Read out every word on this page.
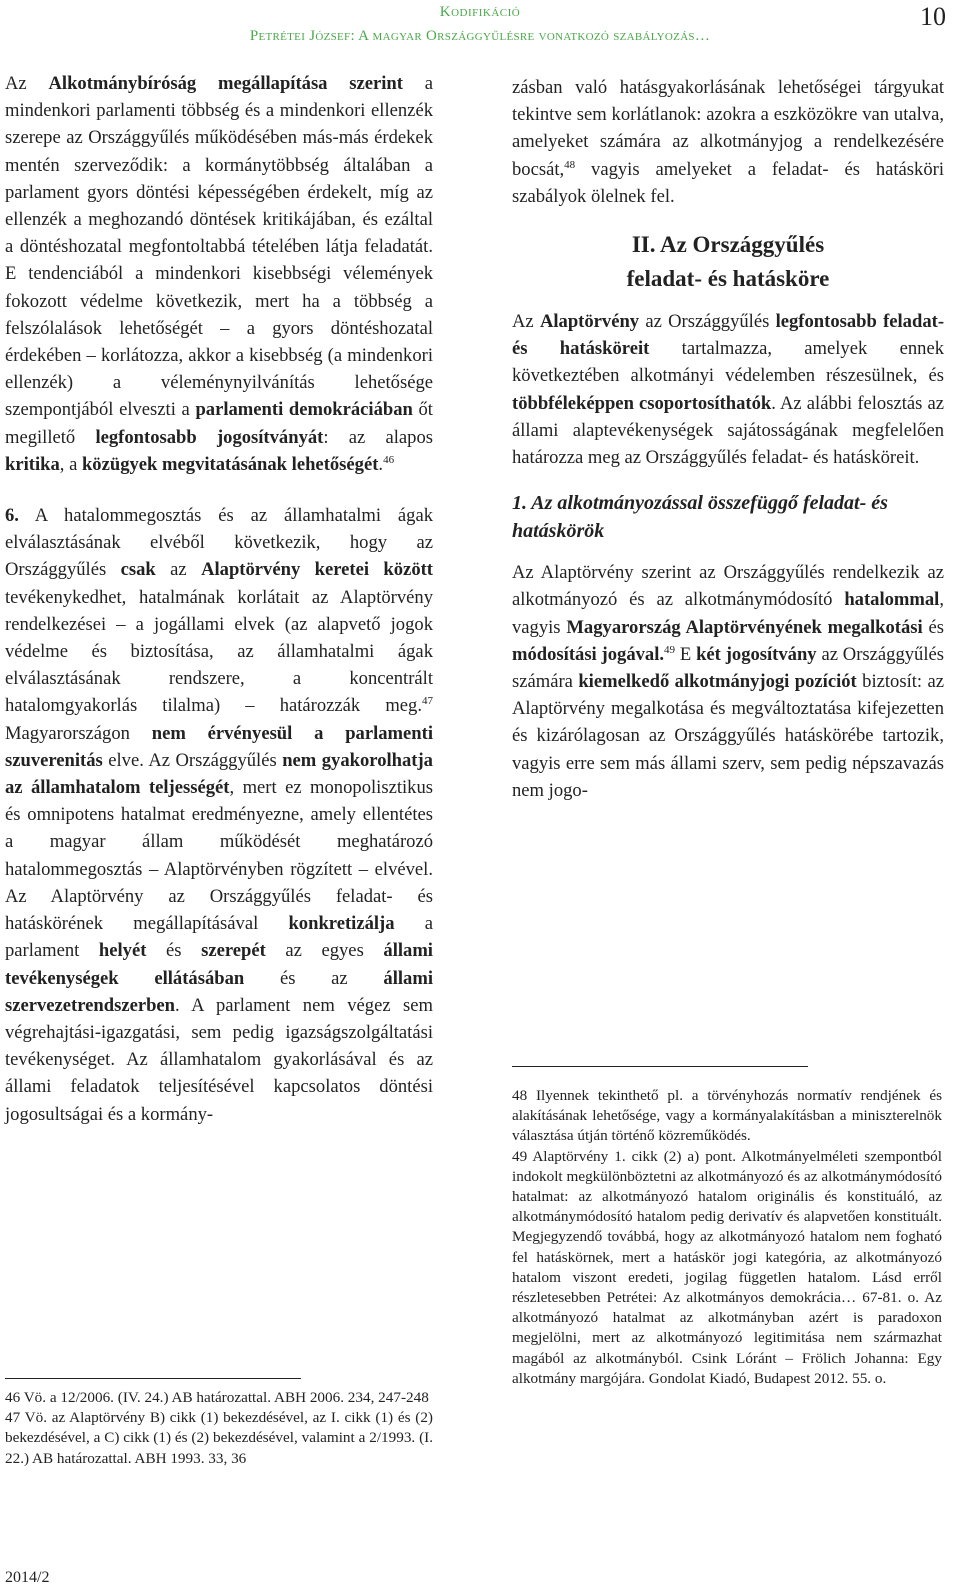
Kodifikáció
Petrétei József: A magyar Országgyűlésre vonatkozó szabályozás…
10

Az Alkotmánybíróság megállapítása szerint a mindenkori parlamenti többség és a mindenkori ellenzék szerepe az Országgyűlés működésében más-más érdekek mentén szerveződik: a kormánytöbbség általában a parlament gyors döntési képességében érdekelt, míg az ellenzék a meghozandó döntések kritikájában, és ezáltal a döntéshozatal megfontoltabbá tételében látja feladatát. E tendenciából a mindenkori kisebbségi vélemények fokozott védelme következik, mert ha a többség a felszólalások lehetőségét – a gyors döntéshozatal érdekében – korlátozza, akkor a kisebbség (a mindenkori ellenzék) a véleménynyilvánítás lehetősége szempontjából elveszti a parlamenti demokráciában őt megillető legfontosabb jogosítványát: az alapos kritika, a közügyek megvitatásának lehetőségét.$^{46}$

6. A hatalommegosztás és az államhatalmi ágak elválasztásának elvéből következik, hogy az Országgyűlés csak az Alaptörvény keretei között tevékenykedhet, hatalmának korlátait az Alaptörvény rendelkezései – a jogállami elvek (az alapvető jogok védelme és biztosítása, az államhatalmi ágak elválasztásának rendszere, a koncentrált hatalomgyakorlás tilalma) – határozzák meg.$^{47}$ Magyarországon nem érvényesül a parlamenti szuverenitás elve. Az Országgyűlés nem gyakorolhatja az államhatalom teljességét, mert ez monopolisztikus és omnipotens hatalmat eredményezne, amely ellentétes a magyar állam működését meghatározó hatalommegosztás – Alaptörvényben rögzített – elvével. Az Alaptörvény az Országgyűlés feladat- és hatáskörének megállapításával konkretizálja a parlament helyét és szerepét az egyes állami tevékenységek ellátásában és az állami szervezetrendszerben. A parlament nem végez sem végrehajtási-igazgatási, sem pedig igazságszolgáltatási tevékenységet. Az államhatalom gyakorlásával és az állami feladatok teljesítésével kapcsolatos döntési jogosultságai és a kormány-

zásban való hatásgyakorlásának lehetőségei tárgyukat tekintve sem korlátlanok: azokra a eszközökre van utalva, amelyeket számára az alkotmányjog a rendelkezésére bocsát,$^{48}$ vagyis amelyeket a feladat- és hatásköri szabályok ölelnek fel.

II. Az Országgyűlés
feladat- és hatásköre

Az Alaptörvény az Országgyűlés legfontosabb feladat- és hatásköreit tartalmazza, amelyek ennek következtében alkotmányi védelemben részesülnek, és többféleképpen csoportosíthatók. Az alábbi felosztás az állami alaptevékenységek sajátosságának megfelelően határozza meg az Országgyűlés feladat- és hatásköreit.

1. Az alkotmányozással összefüggő feladat- és hatáskörök

Az Alaptörvény szerint az Országgyűlés rendelkezik az alkotmányozó és az alkotmánymódosító hatalommal, vagyis Magyarország Alaptörvényének megalkotási és módosítási jogával.$^{49}$ E két jogosítvány az Országgyűlés számára kiemelkedő alkotmányjogi pozíciót biztosít: az Alaptörvény megalkotása és megváltoztatása kifejezetten és kizárólagosan az Országgyűlés hatáskörébe tartozik, vagyis erre sem más állami szerv, sem pedig népszavazás nem jogo-

46 Vö. a 12/2006. (IV. 24.) AB határozattal. ABH 2006. 234, 247-248

47 Vö. az Alaptörvény B) cikk (1) bekezdésével, az I. cikk (1) és (2) bekezdésével, a C) cikk (1) és (2) bekezdésével, valamint a 2/1993. (I. 22.) AB határozattal. ABH 1993. 33, 36

48 Ilyennek tekinthető pl. a törvényhozás normatív rendjének és alakításának lehetősége, vagy a kormányalakításban a miniszterelnök választása útján történő közreműködés.

49 Alaptörvény 1. cikk (2) a) pont. Alkotmányelméleti szempontból indokolt megkülönböztetni az alkotmányozó és az alkotmánymódosító hatalmat: az alkotmányozó hatalom originális és konstituáló, az alkotmánymódosító hatalom pedig derivatív és alapvetően konstituált. Megjegyzendő továbbá, hogy az alkotmányozó hatalom nem fogható fel hatáskörnek, mert a hatáskör jogi kategória, az alkotmányozó hatalom viszont eredeti, jogilag független hatalom. Lásd erről részletesebben Petrétei: Az alkotmányos demokrácia… 67-81. o. Az alkotmányozó hatalmat az alkotmányban azért is paradoxon megjelölni, mert az alkotmányozó legitimitása nem származhat magából az alkotmányból. Csink Lóránt – Frölich Johanna: Egy alkotmány margójára. Gondolat Kiadó, Budapest 2012. 55. o.

2014/2
